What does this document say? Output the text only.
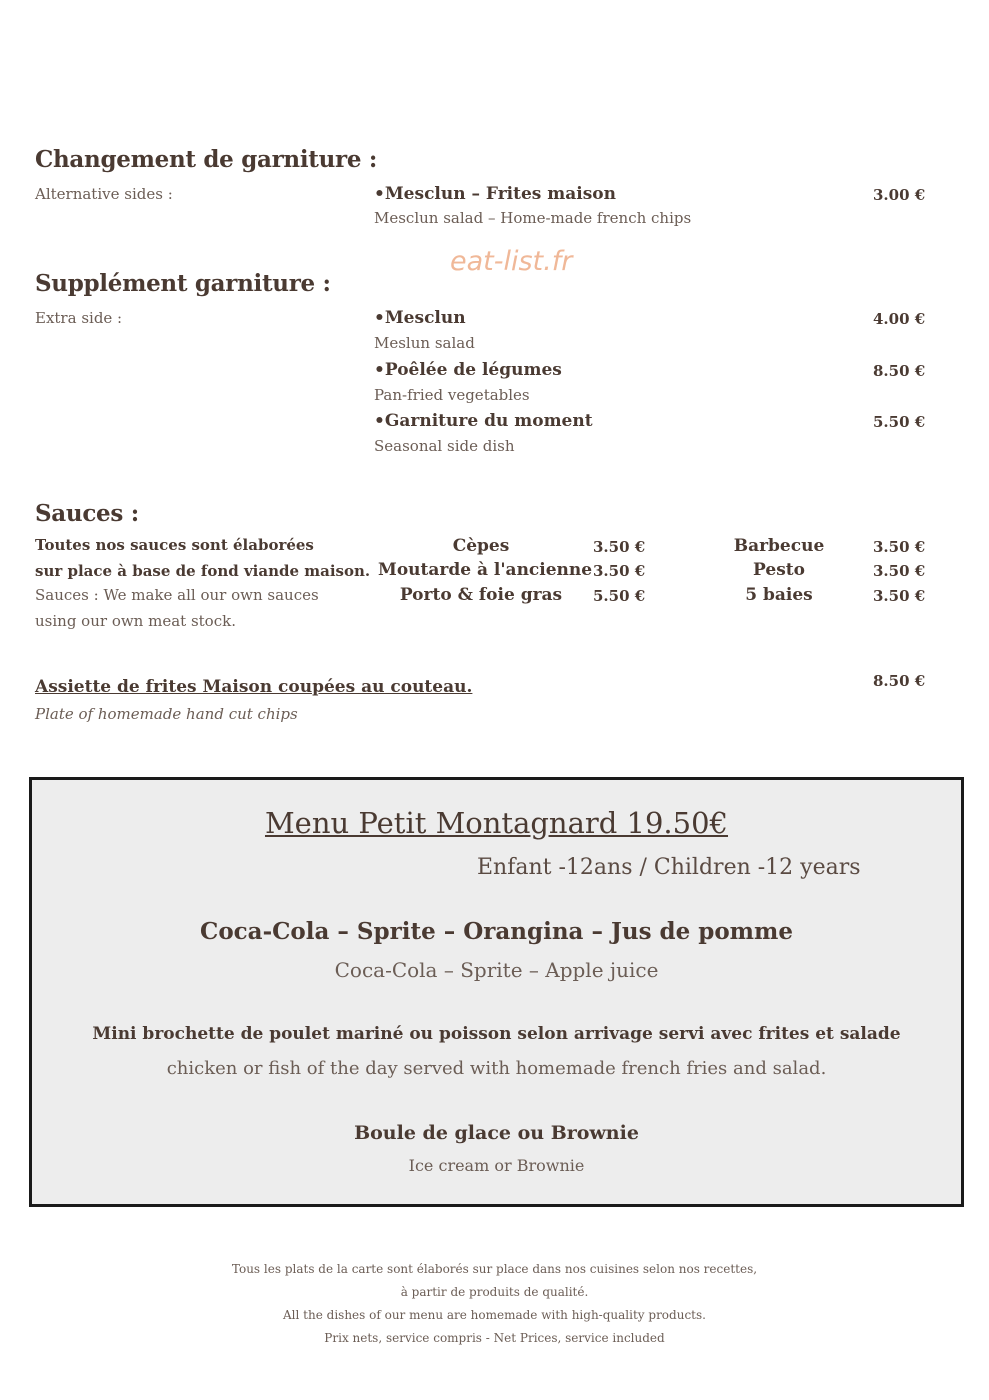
Changement de garniture :
Alternative sides :	•Mesclun – Frites maison
Mesclun salad – Home-made french chips
3.00 €
eat-list.fr
Supplément garniture :
Extra side :	•Mesclun
Meslun salad
4.00 €
•Poêlée de légumes
Pan-fried vegetables
8.50 €
•Garniture du moment
Seasonal side dish
5.50 €
Sauces :
Toutes nos sauces sont élaborées
sur place à base de fond viande maison.
Sauces : We make all our own sauces
using our own meat stock.
Cèpes
Moutarde à l'ancienne
Porto & foie gras
3.50 €
3.50 €
5.50 €
Barbecue
Pesto
5 baies
3.50 €
3.50 €
3.50 €
Assiette de frites Maison coupées au couteau.
Plate of homemade hand cut chips
8.50 €
Menu Petit Montagnard 19.50€
Enfant -12ans / Children -12 years
Coca-Cola – Sprite – Orangina – Jus de pomme
Coca-Cola – Sprite – Apple juice
Mini brochette de poulet mariné ou poisson selon arrivage servi avec frites et salade
chicken or fish of the day served with homemade french fries and salad.
Boule de glace ou Brownie
Ice cream or Brownie
Tous les plats de la carte sont élaborés sur place dans nos cuisines selon nos recettes,
à partir de produits de qualité.
All the dishes of our menu are homemade with high-quality products.
Prix nets, service compris - Net Prices, service included
